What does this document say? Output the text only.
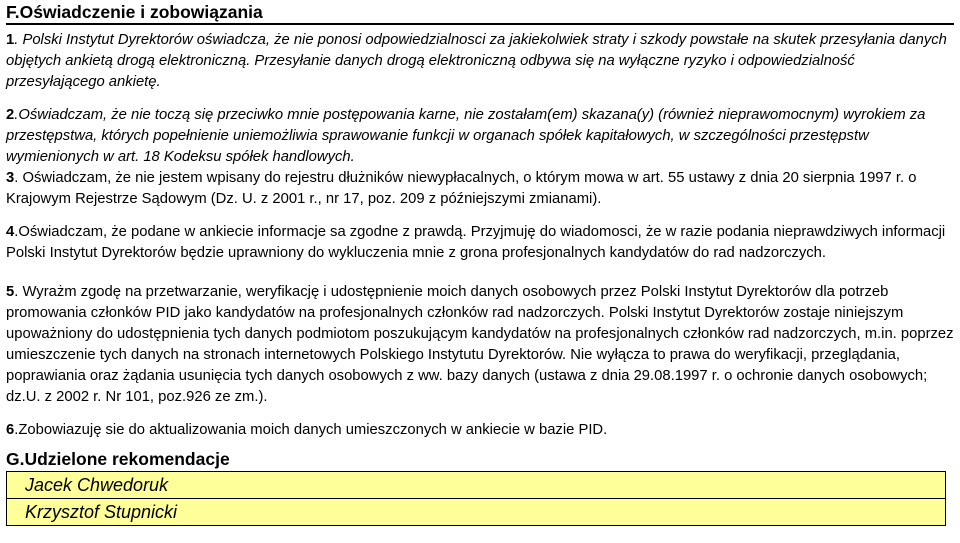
F.Oświadczenie i zobowiązania

1. Polski Instytut Dyrektorów oświadcza, że nie ponosi odpowiedzialnosci za jakiekolwiek straty i szkody powstałe na skutek przesyłania danych objętych ankietą drogą elektroniczną. Przesyłanie danych drogą elektroniczną odbywa się na wyłączne ryzyko i odpowiedzialność przesyłającego ankietę.

2.Oświadczam, że nie toczą się przeciwko mnie postępowania karne, nie zostałam(em) skazana(y) (również nieprawomocnym) wyrokiem za przestępstwa, których popełnienie uniemożliwia sprawowanie funkcji w organach spółek kapitałowych, w szczególności przestępstw wymienionych w art. 18 Kodeksu spółek handlowych.

3. Oświadczam, że nie jestem wpisany do rejestru dłużników niewypłacalnych, o którym mowa w art. 55 ustawy z dnia 20 sierpnia 1997 r. o Krajowym Rejestrze Sądowym (Dz. U. z 2001 r., nr 17, poz. 209 z późniejszymi zmianami).

4.Oświadczam, że podane w ankiecie informacje sa zgodne z prawdą. Przyjmuję do wiadomosci, że w razie podania nieprawdziwych informacji Polski Instytut Dyrektorów będzie uprawniony do wykluczenia mnie z grona profesjonalnych kandydatów do rad nadzorczych.

5. Wyrażm zgodę na przetwarzanie, weryfikację i udostępnienie moich danych osobowych przez Polski Instytut Dyrektorów dla potrzeb promowania członków PID jako kandydatów na profesjonalnych członków rad nadzorczych. Polski Instytut Dyrektorów zostaje niniejszym upoważniony do udostępnienia tych danych podmiotom poszukującym kandydatów na profesjonalnych członków rad nadzorczych, m.in. poprzez umieszczenie tych danych na stronach internetowych Polskiego Instytutu Dyrektorów. Nie wyłącza to prawa do weryfikacji, przeglądania, poprawiania oraz żądania usunięcia tych danych osobowych z ww. bazy danych (ustawa z dnia 29.08.1997 r. o ochronie danych osobowych; dz.U. z 2002 r. Nr 101, poz.926 ze zm.).

6.Zobowiazuję sie do aktualizowania moich danych umieszczonych w ankiecie w bazie PID.

G.Udzielone rekomendacje
Jacek Chwedoruk
Krzysztof Stupnicki
